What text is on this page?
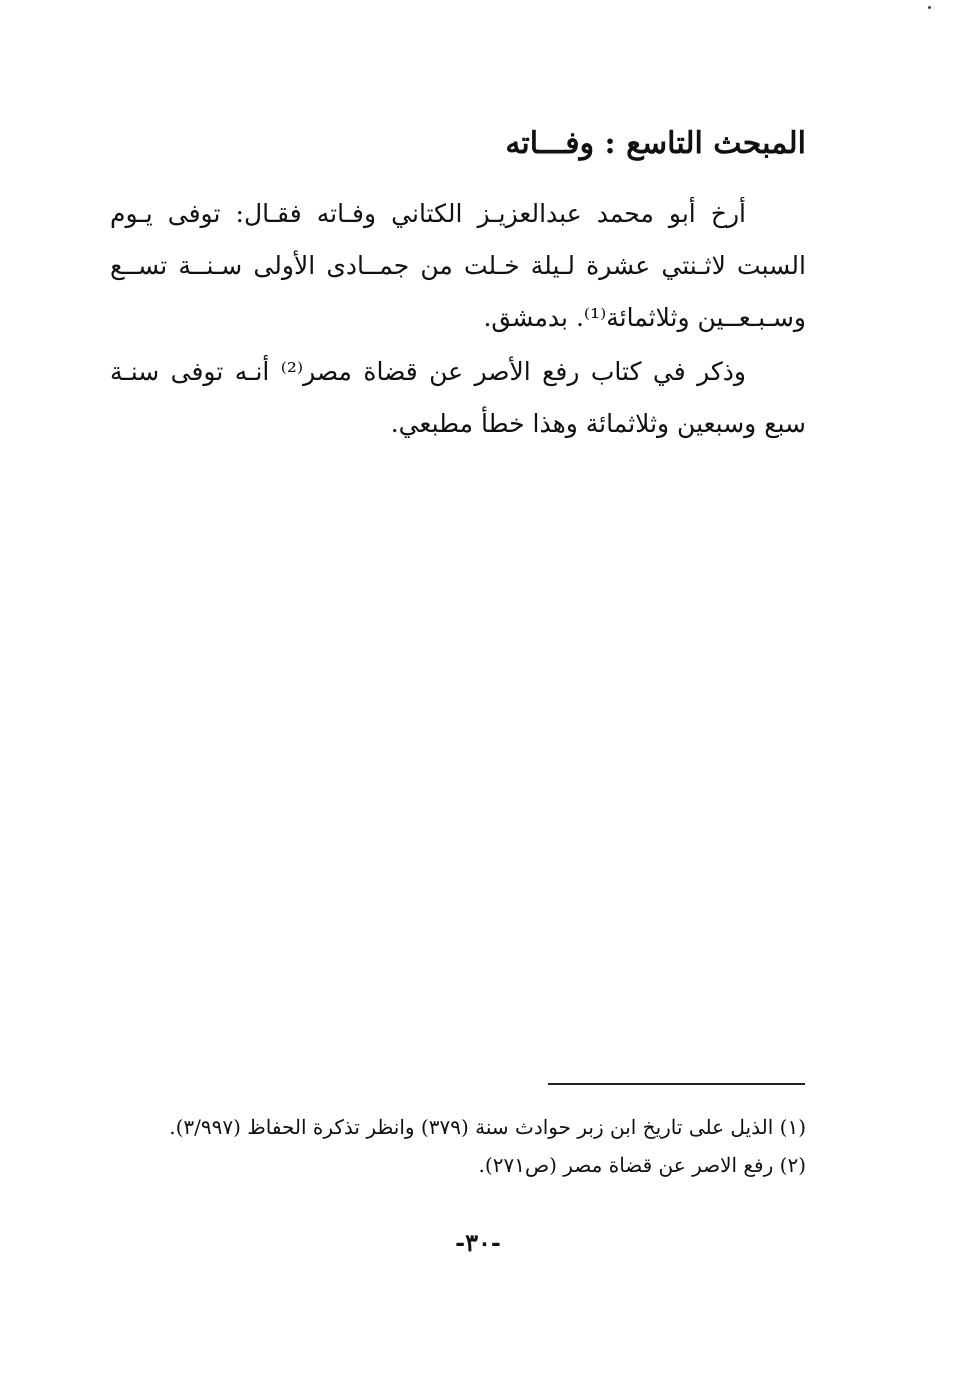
المبحث التاسع : وفـــاته

أرخ أبو محمد عبدالعزيـز الكتاني وفـاته فقـال: توفى يـوم السبت لاثـنتي عشرة لـيلة خـلت من جمــادى الأولى سـنــة تســع وسـبـعــين وثلاثمائة⁽¹⁾. بدمشق.

وذكر في كتاب رفع الأصر عن قضاة مصر⁽²⁾ أنـه توفى سنـة سبع وسبعين وثلاثمائة وهذا خطأ مطبعي.

(١) الذيل على تاريخ ابن زبر حوادث سنة (٣٧٩) وانظر تذكرة الحفاظ (٣/٩٩٧).
(٢) رفع الاصر عن قضاة مصر (ص٢٧١).
-٣٠-
